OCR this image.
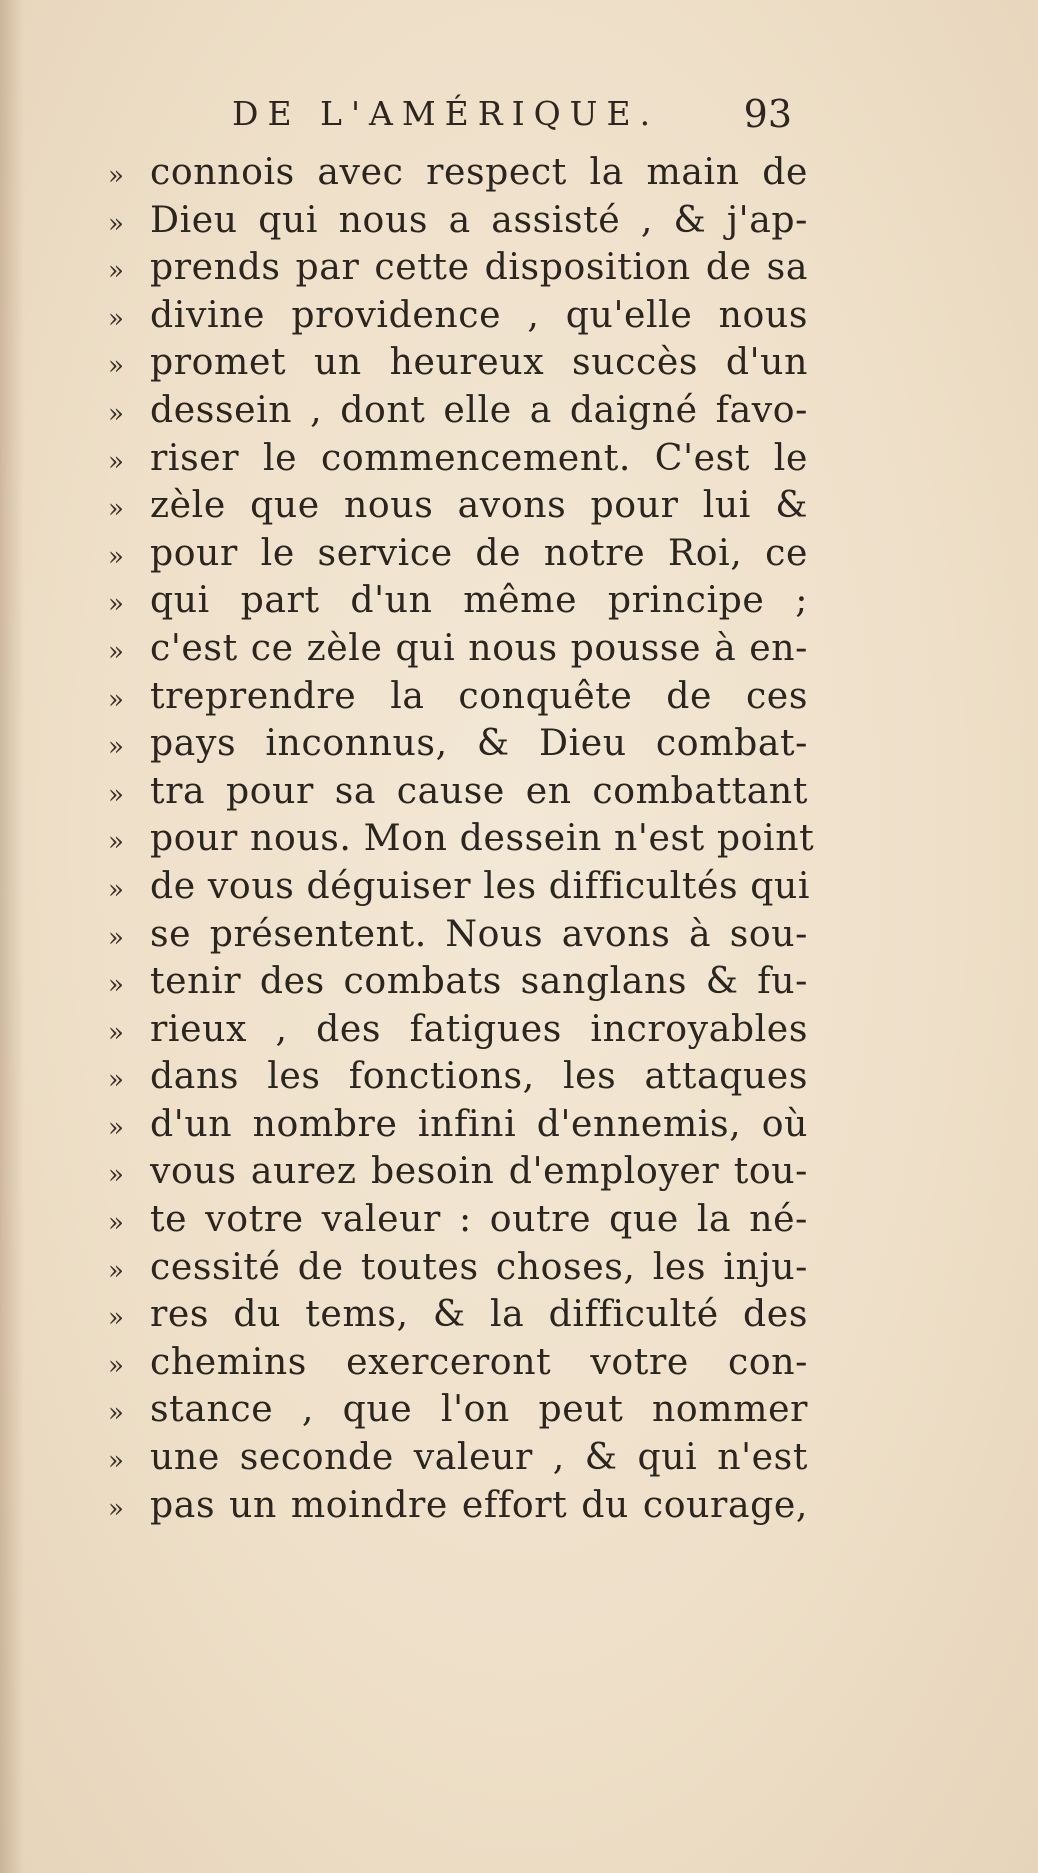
DE L'AMÉRIQUE. 93
» connois avec respect la main de
» Dieu qui nous a assisté , & j'ap-
» prends par cette disposition de sa
» divine providence , qu'elle nous
» promet un heureux succès d'un
» dessein , dont elle a daigné favo-
» riser le commencement. C'est le
» zèle que nous avons pour lui &
» pour le service de notre Roi, ce
» qui part d'un même principe ;
» c'est ce zèle qui nous pousse à en-
» treprendre la conquête de ces
» pays inconnus, & Dieu combat-
» tra pour sa cause en combattant
» pour nous. Mon dessein n'est point
» de vous déguiser les difficultés qui
» se présentent. Nous avons à sou-
» tenir des combats sanglans & fu-
» rieux , des fatigues incroyables
» dans les fonctions, les attaques
» d'un nombre infini d'ennemis, où
» vous aurez besoin d'employer tou-
» te votre valeur : outre que la né-
» cessité de toutes choses, les inju-
» res du tems, & la difficulté des
» chemins exerceront votre con-
» stance , que l'on peut nommer
» une seconde valeur , & qui n'est
» pas un moindre effort du courage,
